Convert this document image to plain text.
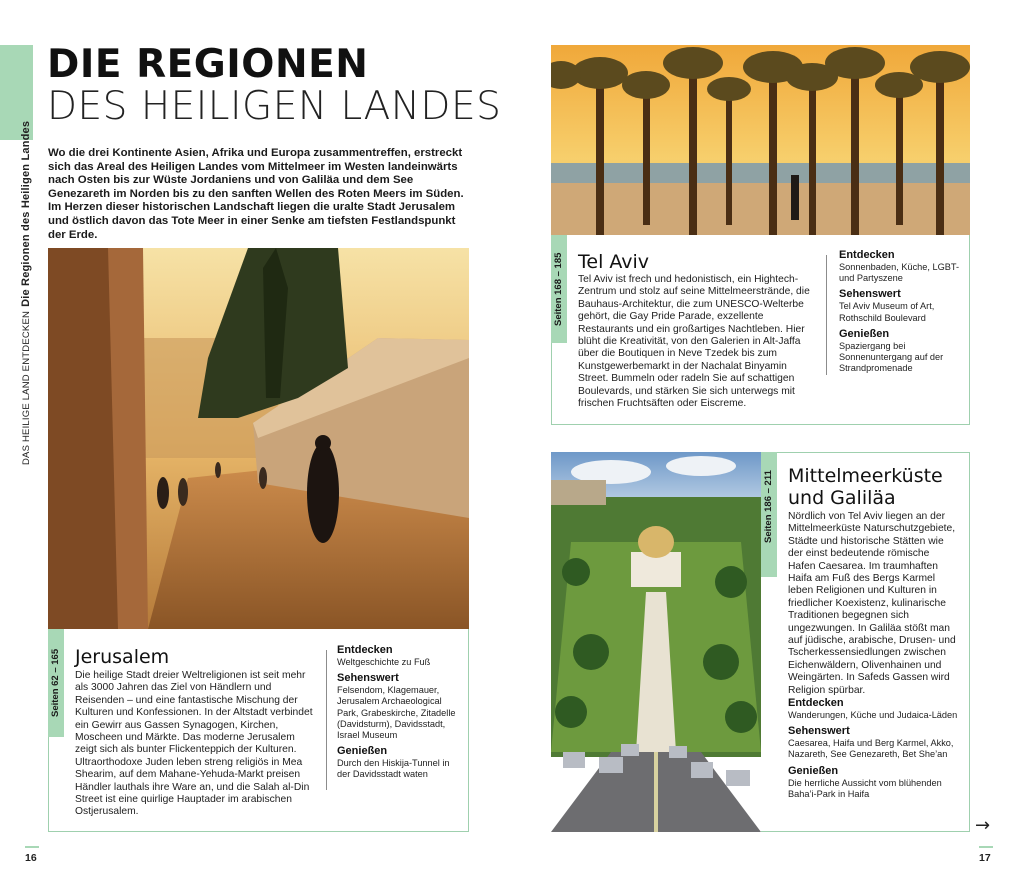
DAS HEILIGE LAND ENTDECKENDie Regionen des Heiligen Landes
DIE REGIONEN
DES HEILIGEN LANDES

Wo die drei Kontinente Asien, Afrika und Europa zusammentreffen, erstreckt sich das Areal des Heiligen Landes vom Mittelmeer im Westen landeinwärts nach Osten bis zur Wüste Jordaniens und von Galiläa und dem See Genezareth im Norden bis zu den sanften Wellen des Roten Meers im Süden. Im Herzen dieser historischen Landschaft liegen die uralte Stadt Jerusalem und östlich davon das Tote Meer in einer Senke am tiefsten Festlandspunkt der Erde.

Seiten 62 – 165 Jerusalem

Die heilige Stadt dreier Weltreligionen ist seit mehr als 3000 Jahren das Ziel von Händlern und Reisenden – und eine fantastische Mischung der Kulturen und Konfessionen. In der Altstadt verbindet ein Gewirr aus Gassen Synagogen, Kirchen, Moscheen und Märkte. Das moderne Jerusalem zeigt sich als bunter Flickenteppich der Kulturen. Ultraorthodoxe Juden leben streng religiös in Mea Shearim, auf dem Mahane-Yehuda-Markt preisen Händler lauthals ihre Ware an, und die Salah al-Din Street ist eine quirlige Hauptader im arabischen Ostjerusalem.

Entdecken
Weltgeschichte zu Fuß
Sehenswert
Felsendom, Klagemauer, Jerusalem Archaeological Park, Grabeskirche, Zitadelle (Davidsturm), Davidsstadt, Israel Museum
Genießen
Durch den Hiskija-Tunnel in der Davidsstadt waten
Seiten 168 – 185 Tel Aviv

Tel Aviv ist frech und hedonistisch, ein Hightech-Zentrum und stolz auf seine Mittelmeerstrände, die Bauhaus-Architektur, die zum UNESCO-Welterbe gehört, die Gay Pride Parade, exzellente Restaurants und ein großartiges Nachtleben. Hier blüht die Kreativität, von den Galerien in Alt-Jaffa über die Boutiquen in Neve Tzedek bis zum Kunstgewerbemarkt in der Nachalat Binyamin Street. Bummeln oder radeln Sie auf schattigen Boulevards, und stärken Sie sich unterwegs mit frischen Fruchtsäften oder Eiscreme.

Entdecken
Sonnenbaden, Küche, LGBT- und Partyszene
Sehenswert
Tel Aviv Museum of Art, Rothschild Boulevard
Genießen
Spaziergang bei Sonnenuntergang auf der Strandpromenade
Seiten 186 – 211 Mittelmeerküste
und Galiläa

Nördlich von Tel Aviv liegen an der Mittelmeerküste Naturschutzgebiete, Städte und historische Stätten wie der einst bedeutende römische Hafen Caesarea. Im traumhaften Haifa am Fuß des Bergs Karmel leben Religionen und Kulturen in friedlicher Koexistenz, kulinarische Traditionen begegnen sich ungezwungen. In Galiläa stößt man auf jüdische, arabische, Drusen- und Tscherkessensiedlungen zwischen Eichenwäldern, Olivenhainen und Weingärten. In Safeds Gassen wird Religion spürbar.

Entdecken
Wanderungen, Küche und Judaica-Läden
Sehenswert
Caesarea, Haifa und Berg Karmel, Akko, Nazareth, See Genezareth, Bet She’an
Genießen
Die herrliche Aussicht vom blühenden Baha’i-Park in Haifa
16	17
→
